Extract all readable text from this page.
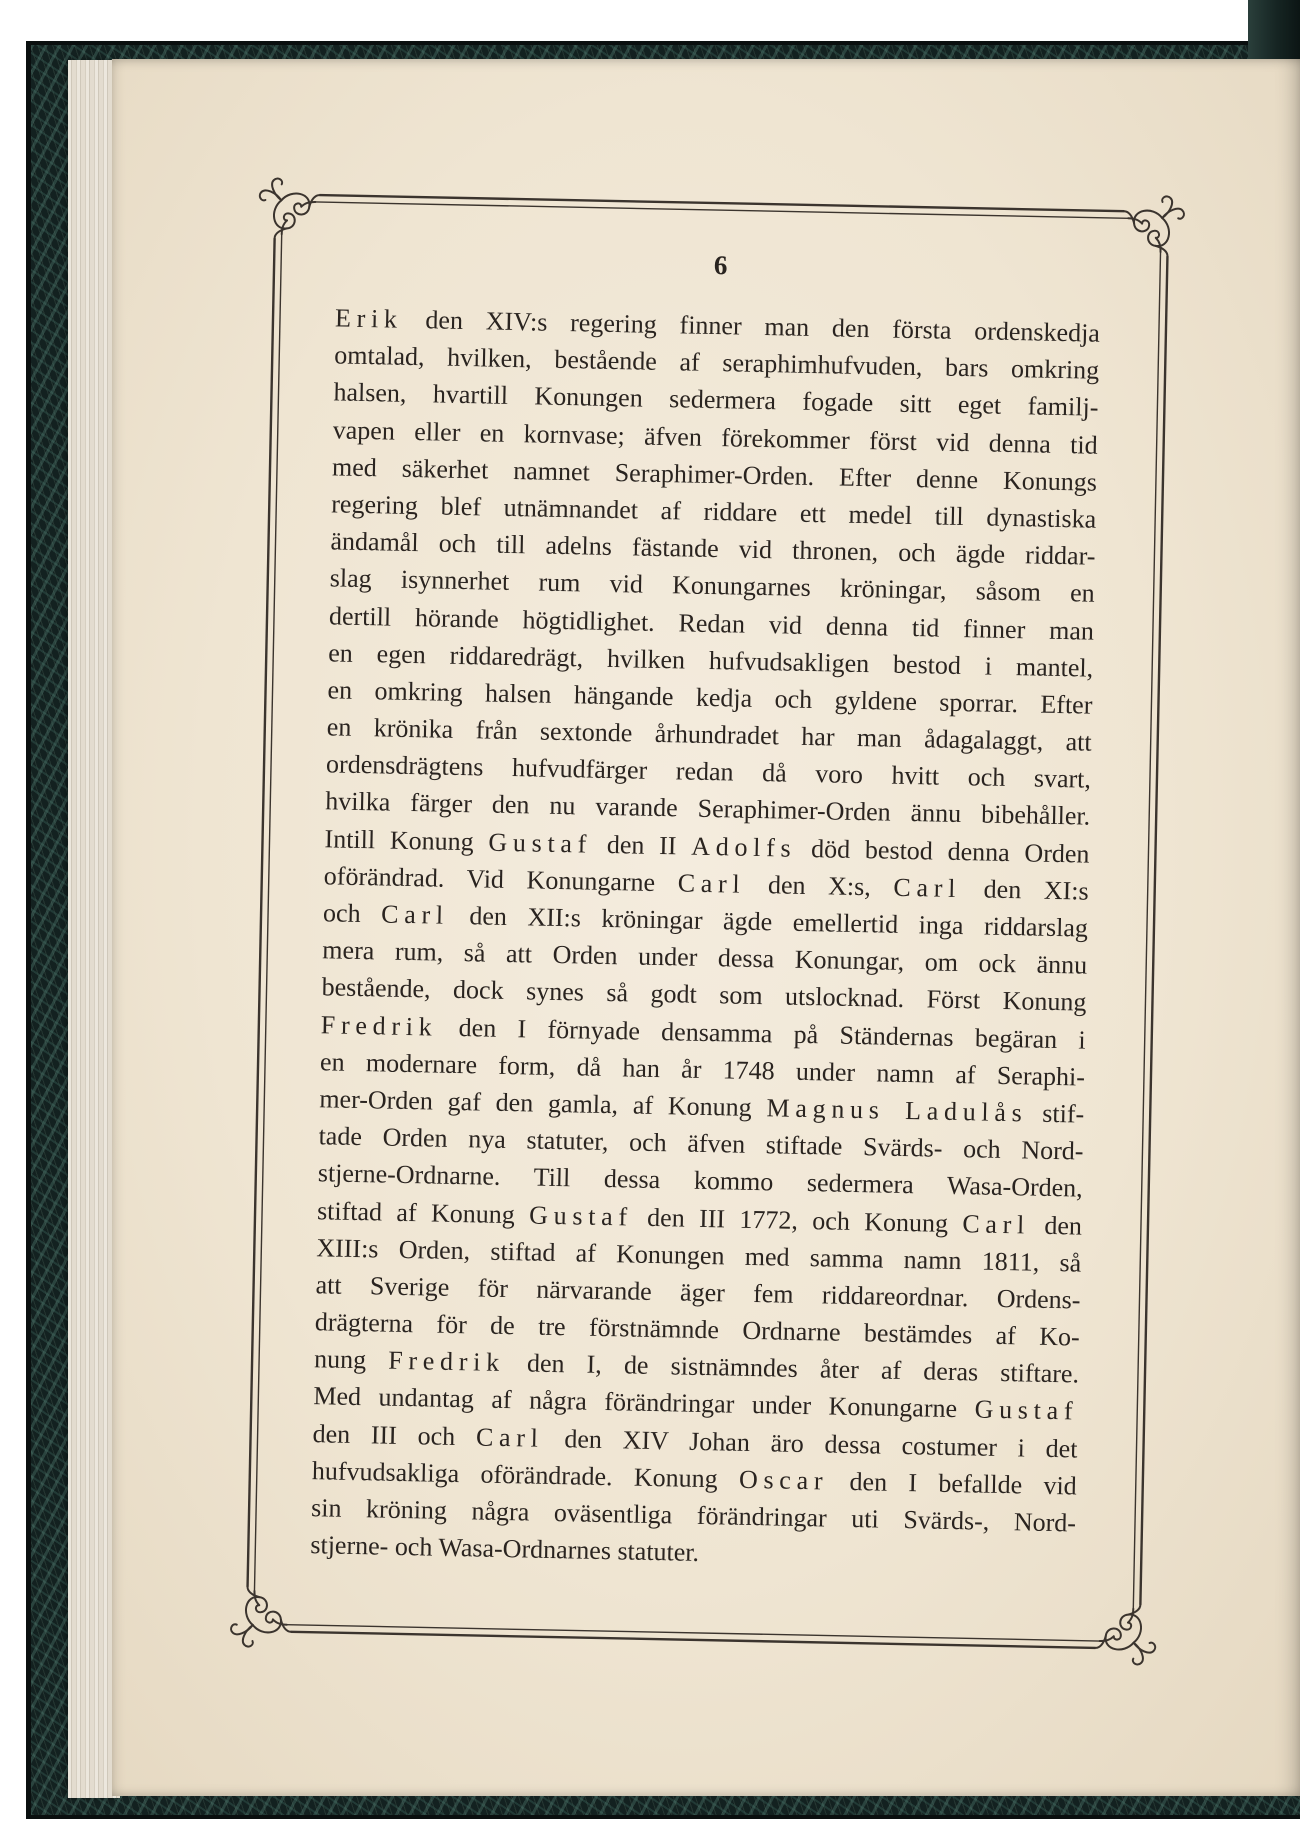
6
Erik den XIV:s regering finner man den första ordenskedja
omtalad, hvilken, bestående af seraphimhufvuden, bars omkring
halsen, hvartill Konungen sedermera fogade sitt eget familj-
vapen eller en kornvase; äfven förekommer först vid denna tid
med säkerhet namnet Seraphimer-Orden. Efter denne Konungs
regering blef utnämnandet af riddare ett medel till dynastiska
ändamål och till adelns fästande vid thronen, och ägde riddar-
slag isynnerhet rum vid Konungarnes kröningar, såsom en
dertill hörande högtidlighet. Redan vid denna tid finner man
en egen riddaredrägt, hvilken hufvudsakligen bestod i mantel,
en omkring halsen hängande kedja och gyldene sporrar. Efter
en krönika från sextonde århundradet har man ådagalaggt, att
ordensdrägtens hufvudfärger redan då voro hvitt och svart,
hvilka färger den nu varande Seraphimer-Orden ännu bibehåller.
Intill Konung Gustaf den II Adolfs död bestod denna Orden
oförändrad. Vid Konungarne Carl den X:s, Carl den XI:s
och Carl den XII:s kröningar ägde emellertid inga riddarslag
mera rum, så att Orden under dessa Konungar, om ock ännu
bestående, dock synes så godt som utslocknad. Först Konung
Fredrik den I förnyade densamma på Ständernas begäran i
en modernare form, då han år 1748 under namn af Seraphi-
mer-Orden gaf den gamla, af Konung Magnus Ladulås stif-
tade Orden nya statuter, och äfven stiftade Svärds- och Nord-
stjerne-Ordnarne. Till dessa kommo sedermera Wasa-Orden,
stiftad af Konung Gustaf den III 1772, och Konung Carl den
XIII:s Orden, stiftad af Konungen med samma namn 1811, så
att Sverige för närvarande äger fem riddareordnar. Ordens-
drägterna för de tre förstnämnde Ordnarne bestämdes af Ko-
nung Fredrik den I, de sistnämndes åter af deras stiftare.
Med undantag af några förändringar under Konungarne Gustaf
den III och Carl den XIV Johan äro dessa costumer i det
hufvudsakliga oförändrade. Konung Oscar den I befallde vid
sin kröning några oväsentliga förändringar uti Svärds-, Nord-
stjerne- och Wasa-Ordnarnes statuter.
